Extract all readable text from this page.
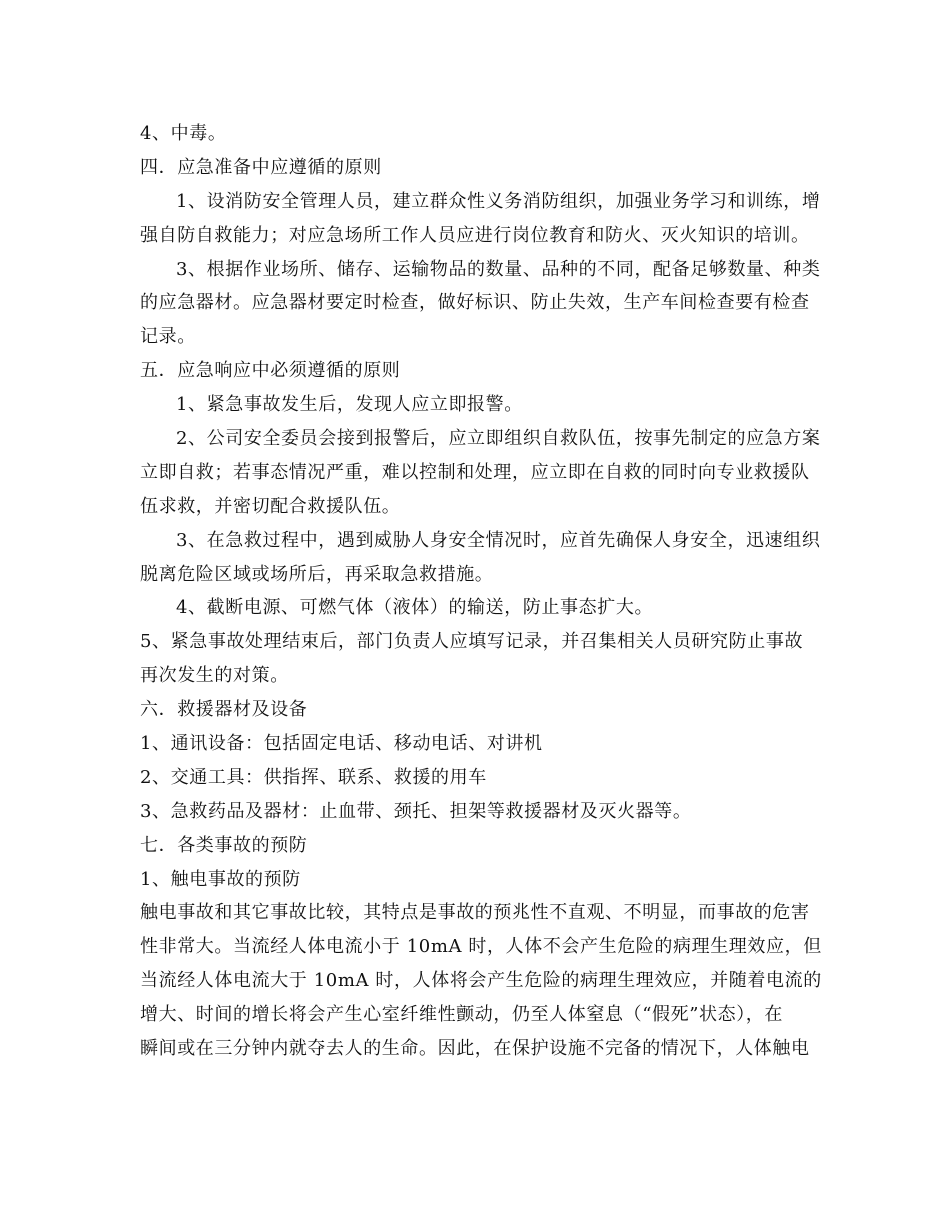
4、中毒。
四．应急准备中应遵循的原则
1、设消防安全管理人员，建立群众性义务消防组织，加强业务学习和训练，增
强自防自救能力；对应急场所工作人员应进行岗位教育和防火、灭火知识的培训。
3、根据作业场所、储存、运输物品的数量、品种的不同，配备足够数量、种类
的应急器材。应急器材要定时检查，做好标识、防止失效，生产车间检查要有检查
记录。
五．应急响应中必须遵循的原则
1、紧急事故发生后，发现人应立即报警。
2、公司安全委员会接到报警后，应立即组织自救队伍，按事先制定的应急方案
立即自救；若事态情况严重，难以控制和处理，应立即在自救的同时向专业救援队
伍求救，并密切配合救援队伍。
3、在急救过程中，遇到威胁人身安全情况时，应首先确保人身安全，迅速组织
脱离危险区域或场所后，再采取急救措施。
4、截断电源、可燃气体（液体）的输送，防止事态扩大。
5、紧急事故处理结束后，部门负责人应填写记录，并召集相关人员研究防止事故
再次发生的对策。
六．救援器材及设备
1、通讯设备：包括固定电话、移动电话、对讲机
2、交通工具：供指挥、联系、救援的用车
3、急救药品及器材：止血带、颈托、担架等救援器材及灭火器等。
七．各类事故的预防
1、触电事故的预防
触电事故和其它事故比较，其特点是事故的预兆性不直观、不明显，而事故的危害
性非常大。当流经人体电流小于 10mA 时，人体不会产生危险的病理生理效应，但
当流经人体电流大于 10mA 时，人体将会产生危险的病理生理效应，并随着电流的
增大、时间的增长将会产生心室纤维性颤动，仍至人体窒息（“假死”状态），在
瞬间或在三分钟内就夺去人的生命。因此，在保护设施不完备的情况下，人体触电
